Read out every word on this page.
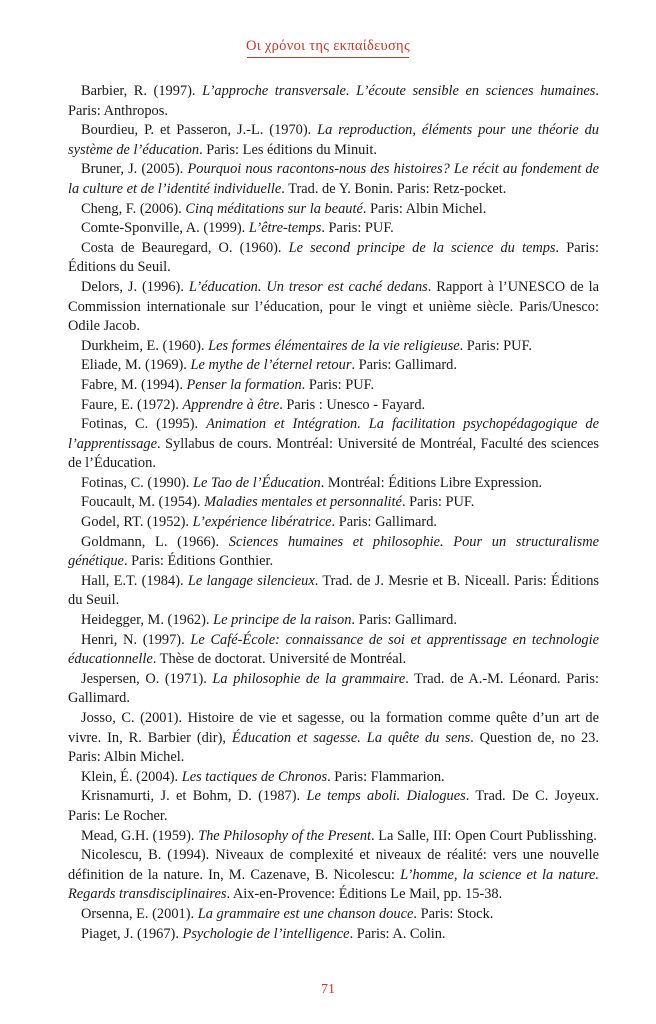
Οι χρόνοι της εκπαίδευσης

Barbier, R. (1997). L’approche transversale. L’écoute sensible en sciences humaines. Paris: Anthropos.

Bourdieu, P. et Passeron, J.-L. (1970). La reproduction, éléments pour une théorie du système de l’éducation. Paris: Les éditions du Minuit.

Bruner, J. (2005). Pourquoi nous racontons-nous des histoires? Le récit au fondement de la culture et de l’identité individuelle. Trad. de Y. Bonin. Paris: Retz-pocket.

Cheng, F. (2006). Cinq méditations sur la beauté. Paris: Albin Michel.

Comte-Sponville, A. (1999). L’être-temps. Paris: PUF.

Costa de Beauregard, O. (1960). Le second principe de la science du temps. Paris: Éditions du Seuil.

Delors, J. (1996). L’éducation. Un tresor est caché dedans. Rapport à l’UNESCO de la Commission internationale sur l’éducation, pour le vingt et unième siècle. Paris/Unesco: Odile Jacob.

Durkheim, E. (1960). Les formes élémentaires de la vie religieuse. Paris: PUF.

Eliade, M. (1969). Le mythe de l’éternel retour. Paris: Gallimard.

Fabre, M. (1994). Penser la formation. Paris: PUF.

Faure, E. (1972). Apprendre à être. Paris : Unesco - Fayard.

Fotinas, C. (1995). Animation et Intégration. La facilitation psychopédagogique de l’apprentissage. Syllabus de cours. Montréal: Université de Montréal, Faculté des sciences de l’Éducation.

Fotinas, C. (1990). Le Tao de l’Éducation. Montréal: Éditions Libre Expression.

Foucault, M. (1954). Maladies mentales et personnalité. Paris: PUF.

Godel, RT. (1952). L’expérience libératrice. Paris: Gallimard.

Goldmann, L. (1966). Sciences humaines et philosophie. Pour un structuralisme génétique. Paris: Éditions Gonthier.

Hall, E.T. (1984). Le langage silencieux. Trad. de J. Mesrie et B. Niceall. Paris: Éditions du Seuil.

Heidegger, M. (1962). Le principe de la raison. Paris: Gallimard.

Henri, N. (1997). Le Café-École: connaissance de soi et apprentissage en technologie éducationnelle. Thèse de doctorat. Université de Montréal.

Jespersen, O. (1971). La philosophie de la grammaire. Trad. de A.-M. Léonard. Paris: Gallimard.

Josso, C. (2001). Histoire de vie et sagesse, ou la formation comme quête d’un art de vivre. In, R. Barbier (dir), Éducation et sagesse. La quête du sens. Question de, no 23. Paris: Albin Michel.

Klein, É. (2004). Les tactiques de Chronos. Paris: Flammarion.

Krisnamurti, J. et Bohm, D. (1987). Le temps aboli. Dialogues. Trad. De C. Joyeux. Paris: Le Rocher.

Mead, G.H. (1959). The Philosophy of the Present. La Salle, III: Open Court Publisshing.

Nicolescu, B. (1994). Niveaux de complexité et niveaux de réalité: vers une nouvelle définition de la nature. In, M. Cazenave, B. Nicolescu: L’homme, la science et la nature. Regards transdisciplinaires. Aix-en-Provence: Éditions Le Mail, pp. 15-38.

Orsenna, E. (2001). La grammaire est une chanson douce. Paris: Stock.

Piaget, J. (1967). Psychologie de l’intelligence. Paris: A. Colin.

71
